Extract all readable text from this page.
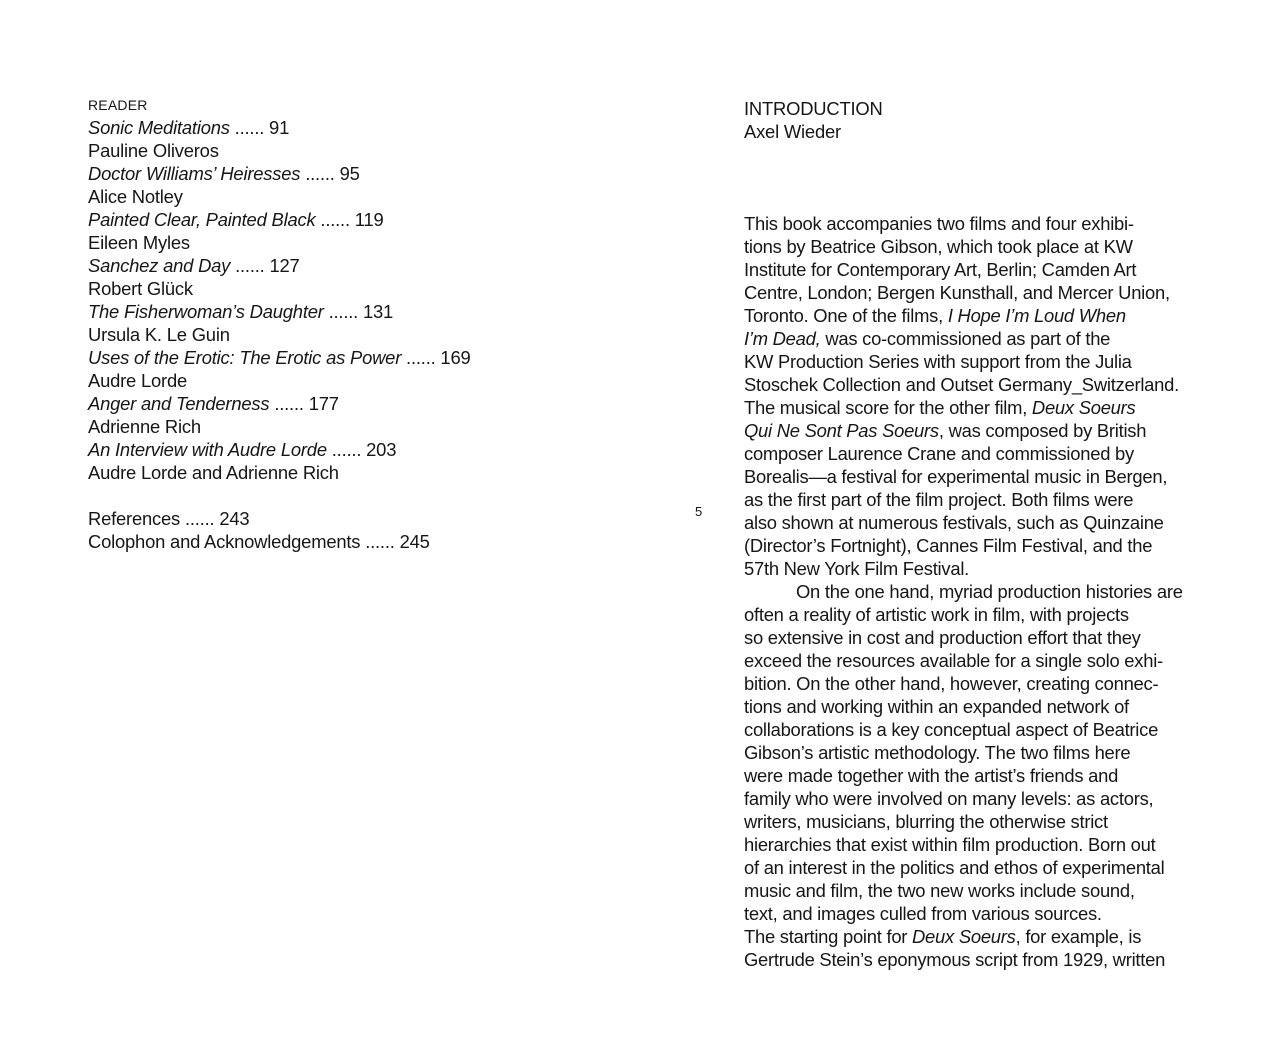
READER
Sonic Meditations ...... 91
Pauline Oliveros
Doctor Williams’ Heiresses ...... 95
Alice Notley
Painted Clear, Painted Black ...... 119
Eileen Myles
Sanchez and Day ...... 127
Robert Glück
The Fisherwoman’s Daughter ...... 131
Ursula K. Le Guin
Uses of the Erotic: The Erotic as Power ...... 169
Audre Lorde
Anger and Tenderness ...... 177
Adrienne Rich
An Interview with Audre Lorde ...... 203
Audre Lorde and Adrienne Rich
References ...... 243
Colophon and Acknowledgements ...... 245
5
INTRODUCTION
Axel Wieder
This book accompanies two films and four exhibi-
tions by Beatrice Gibson, which took place at KW
Institute for Contemporary Art, Berlin; Camden Art
Centre, London; Bergen Kunsthall, and Mercer Union,
Toronto. One of the films, I Hope I’m Loud When
I’m Dead, was co-commissioned as part of the
KW Production Series with support from the Julia
Stoschek Collection and Outset Germany_Switzerland.
The musical score for the other film, Deux Soeurs
Qui Ne Sont Pas Soeurs, was composed by British
composer Laurence Crane and commissioned by
Borealis—a festival for experimental music in Bergen,
as the first part of the film project. Both films were
also shown at numerous festivals, such as Quinzaine
(Director’s Fortnight), Cannes Film Festival, and the
57th New York Film Festival.
On the one hand, myriad production histories are
often a reality of artistic work in film, with projects
so extensive in cost and production effort that they
exceed the resources available for a single solo exhi-
bition. On the other hand, however, creating connec-
tions and working within an expanded network of
collaborations is a key conceptual aspect of Beatrice
Gibson’s artistic methodology. The two films here
were made together with the artist’s friends and
family who were involved on many levels: as actors,
writers, musicians, blurring the otherwise strict
hierarchies that exist within film production. Born out
of an interest in the politics and ethos of experimental
music and film, the two new works include sound,
text, and images culled from various sources.
The starting point for Deux Soeurs, for example, is
Gertrude Stein’s eponymous script from 1929, written
